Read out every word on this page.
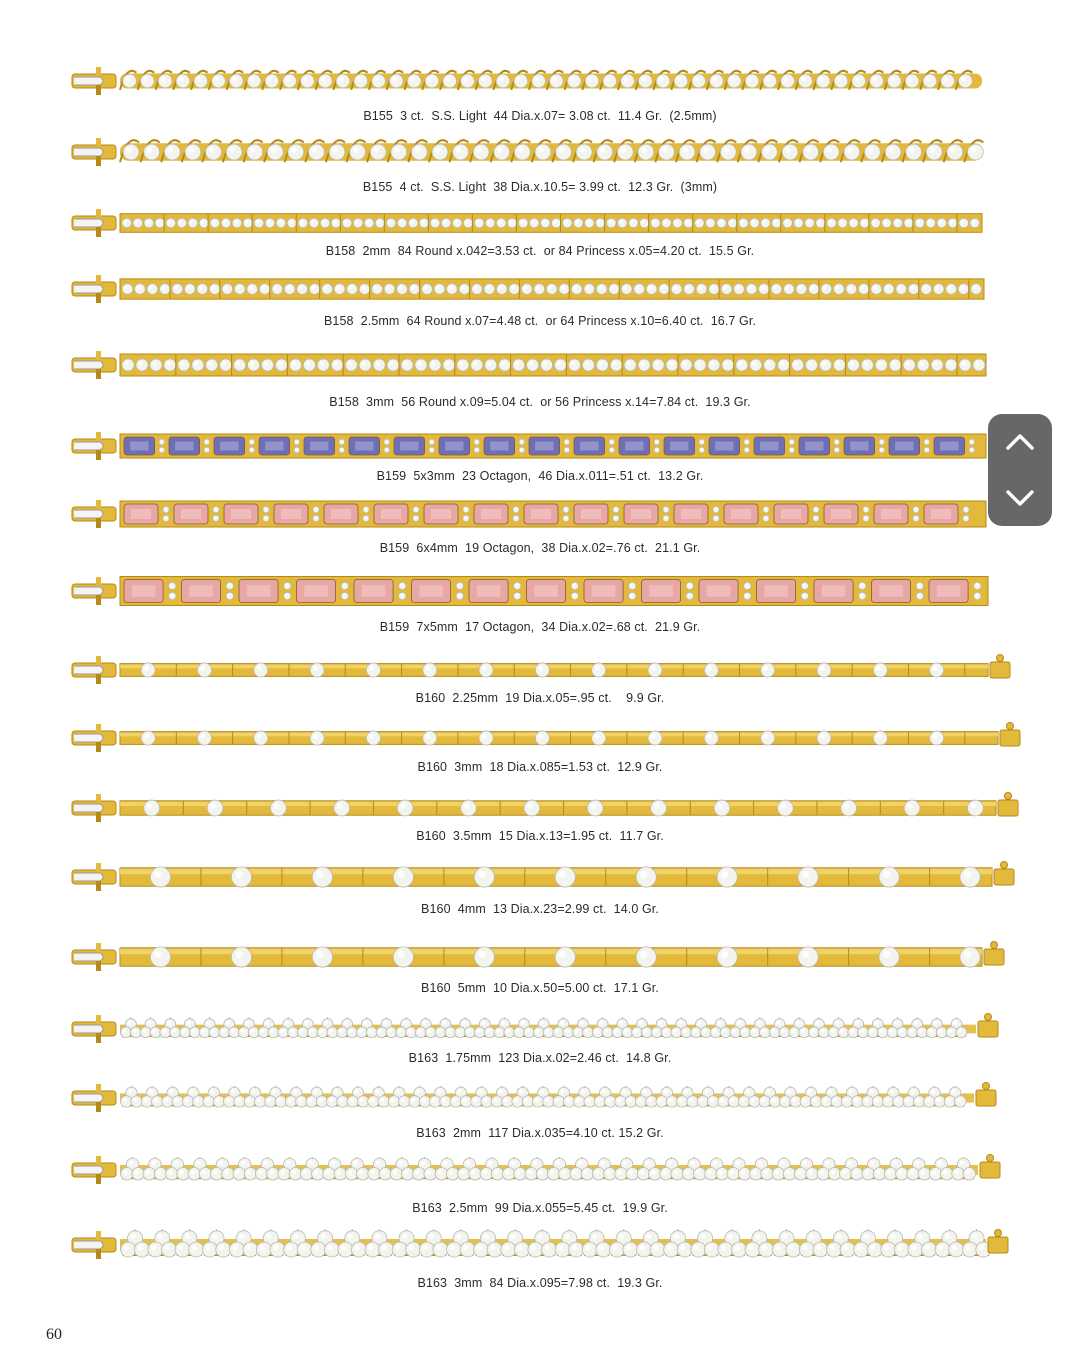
B155  3 ct.  S.S. Light  44 Dia.x.07= 3.08 ct.  11.4 Gr.  (2.5mm)
B155  4 ct.  S.S. Light  38 Dia.x.10.5= 3.99 ct.  12.3 Gr.  (3mm)
B158  2mm  84 Round x.042=3.53 ct.  or 84 Princess x.05=4.20 ct.  15.5 Gr.
B158  2.5mm  64 Round x.07=4.48 ct.  or 64 Princess x.10=6.40 ct.  16.7 Gr.
B158  3mm  56 Round x.09=5.04 ct.  or 56 Princess x.14=7.84 ct.  19.3 Gr.
B159  5x3mm  23 Octagon,  46 Dia.x.011=.51 ct.  13.2 Gr.
B159  6x4mm  19 Octagon,  38 Dia.x.02=.76 ct.  21.1 Gr.
B159  7x5mm  17 Octagon,  34 Dia.x.02=.68 ct.  21.9 Gr.
B160  2.25mm  19 Dia.x.05=.95 ct.    9.9 Gr.
B160  3mm  18 Dia.x.085=1.53 ct.  12.9 Gr.
B160  3.5mm  15 Dia.x.13=1.95 ct.  11.7 Gr.
B160  4mm  13 Dia.x.23=2.99 ct.  14.0 Gr.
B160  5mm  10 Dia.x.50=5.00 ct.  17.1 Gr.
B163  1.75mm  123 Dia.x.02=2.46 ct.  14.8 Gr.
B163  2mm  117 Dia.x.035=4.10 ct. 15.2 Gr.
B163  2.5mm  99 Dia.x.055=5.45 ct.  19.9 Gr.
B163  3mm  84 Dia.x.095=7.98 ct.  19.3 Gr.
60
